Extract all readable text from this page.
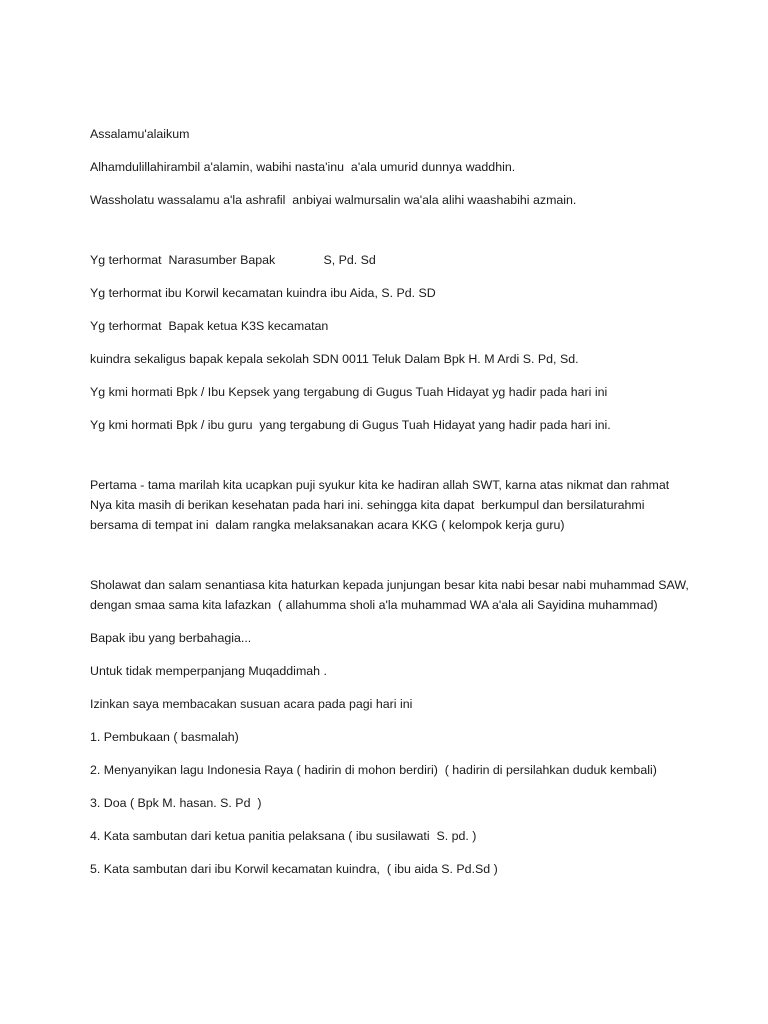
Assalamu'alaikum

Alhamdulillahirambil a'alamin, wabihi nasta'inu  a'ala umurid dunnya waddhin.

Wassholatu wassalamu a'la ashrafil  anbiyai walmursalin wa'ala alihi waashabihi azmain.

Yg terhormat  Narasumber Bapak              S, Pd. Sd

Yg terhormat ibu Korwil kecamatan kuindra ibu Aida, S. Pd. SD

Yg terhormat  Bapak ketua K3S kecamatan

kuindra sekaligus bapak kepala sekolah SDN 0011 Teluk Dalam Bpk H. M Ardi S. Pd, Sd.

Yg kmi hormati Bpk / Ibu Kepsek yang tergabung di Gugus Tuah Hidayat yg hadir pada hari ini

Yg kmi hormati Bpk / ibu guru  yang tergabung di Gugus Tuah Hidayat yang hadir pada hari ini.

Pertama - tama marilah kita ucapkan puji syukur kita ke hadiran allah SWT, karna atas nikmat dan rahmat Nya kita masih di berikan kesehatan pada hari ini. sehingga kita dapat  berkumpul dan bersilaturahmi  bersama di tempat ini  dalam rangka melaksanakan acara KKG ( kelompok kerja guru)

Sholawat dan salam senantiasa kita haturkan kepada junjungan besar kita nabi besar nabi muhammad SAW, dengan smaa sama kita lafazkan  ( allahumma sholi a'la muhammad WA a'ala ali Sayidina muhammad)

Bapak ibu yang berbahagia...

Untuk tidak memperpanjang Muqaddimah .

Izinkan saya membacakan susuan acara pada pagi hari ini

1. Pembukaan ( basmalah)

2. Menyanyikan lagu Indonesia Raya ( hadirin di mohon berdiri)  ( hadirin di persilahkan duduk kembali)

3. Doa ( Bpk M. hasan. S. Pd  )

4. Kata sambutan dari ketua panitia pelaksana ( ibu susilawati  S. pd. )

5. Kata sambutan dari ibu Korwil kecamatan kuindra,  ( ibu aida S. Pd.Sd )
